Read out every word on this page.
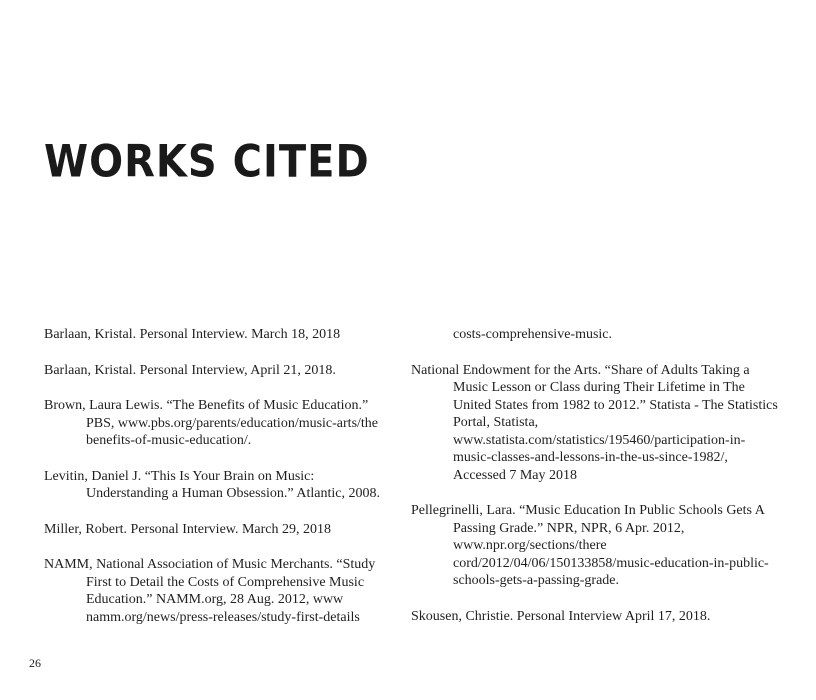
WORKS CITED

Barlaan, Kristal. Personal Interview. March 18, 2018

Barlaan, Kristal. Personal Interview, April 21, 2018.

Brown, Laura Lewis. “The Benefits of Music Education.” PBS, www.pbs.org/parents/education/music-arts/the benefits-of-music-education/.

Levitin, Daniel J. “This Is Your Brain on Music: Understanding a Human Obsession.” Atlantic, 2008.

Miller, Robert. Personal Interview. March 29, 2018

NAMM, National Association of Music Merchants. “Study First to Detail the Costs of Comprehensive Music Education.” NAMM.org, 28 Aug. 2012, www namm.org/news/press-releases/study-first-details

costs-comprehensive-music.

National Endowment for the Arts. “Share of Adults Taking a Music Lesson or Class during Their Lifetime in The United States from 1982 to 2012.” Statista - The Statistics Portal, Statista, www.statista.com/statistics/195460/participation-in-music-classes-and-lessons-in-the-us-since-1982/, Accessed 7 May 2018

Pellegrinelli, Lara. “Music Education In Public Schools Gets A Passing Grade.” NPR, NPR, 6 Apr. 2012, www.npr.org/sections/there cord/2012/04/06/150133858/music-education-in-public-schools-gets-a-passing-grade.

Skousen, Christie. Personal Interview April 17, 2018.

26
